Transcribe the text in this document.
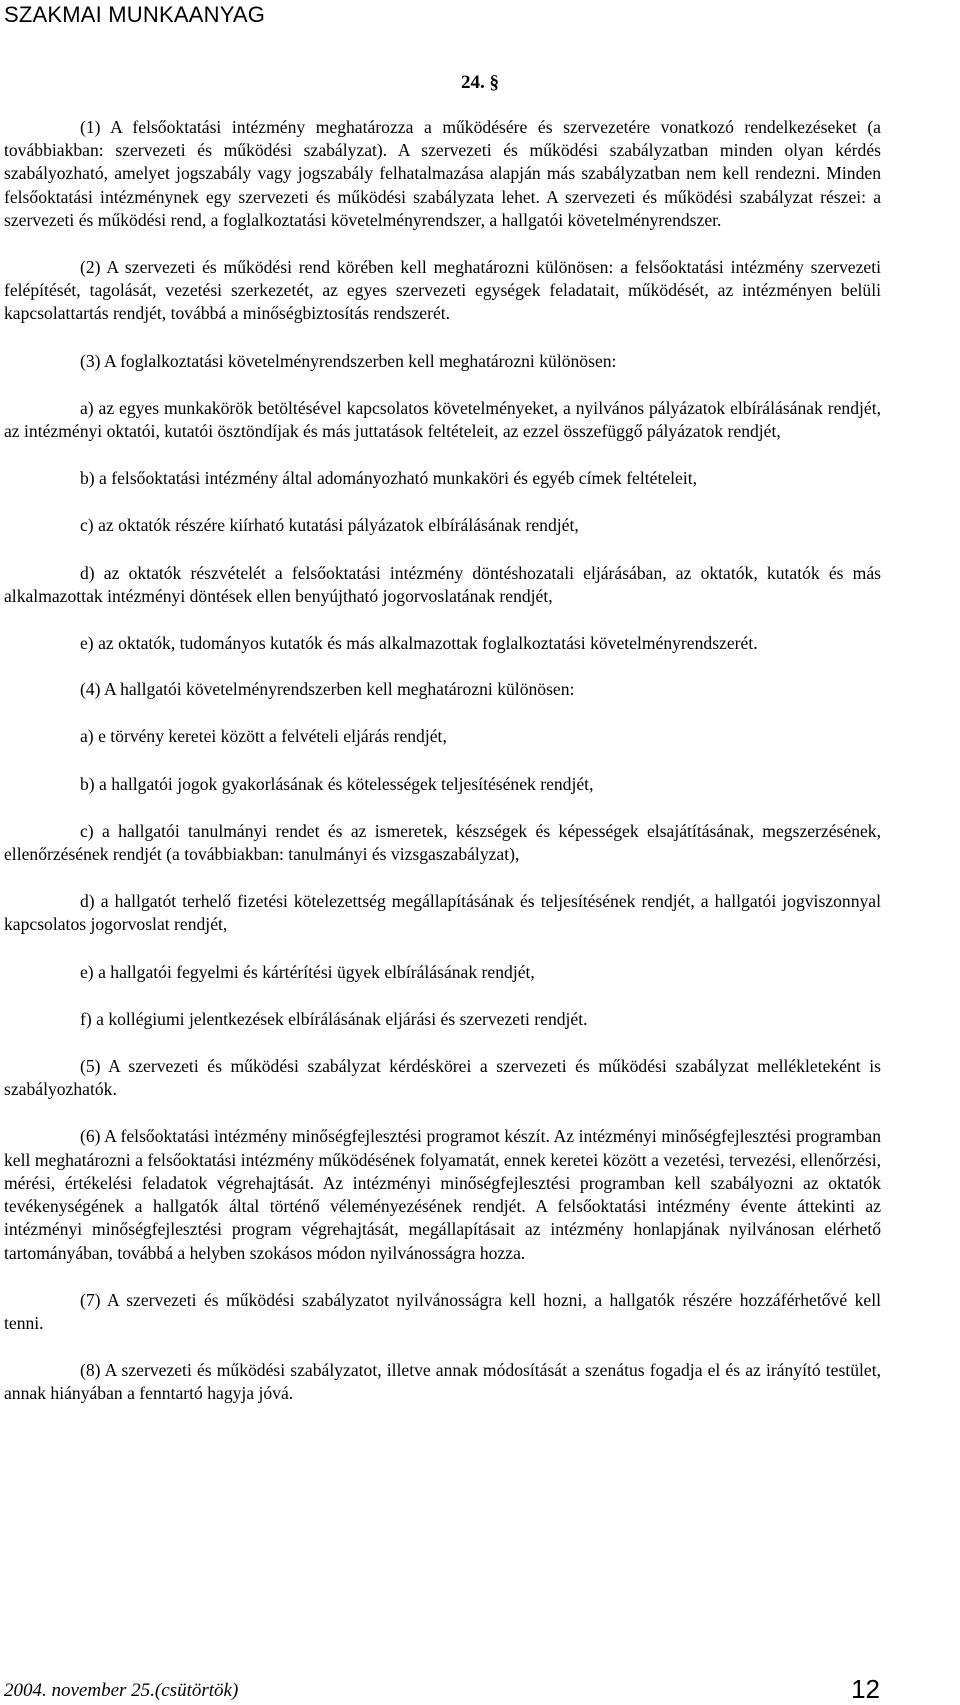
SZAKMAI MUNKAANYAG
24. §

(1) A felsőoktatási intézmény meghatározza a működésére és szervezetére vonatkozó rendelkezéseket (a továbbiakban: szervezeti és működési szabályzat). A szervezeti és működési szabályzatban minden olyan kérdés szabályozható, amelyet jogszabály vagy jogszabály felhatalmazása alapján más szabályzatban nem kell rendezni. Minden felsőoktatási intézménynek egy szervezeti és működési szabályzata lehet. A szervezeti és működési szabályzat részei: a szervezeti és működési rend, a foglalkoztatási követelményrendszer, a hallgatói követelményrendszer.

(2) A szervezeti és működési rend körében kell meghatározni különösen: a felsőoktatási intézmény szervezeti felépítését, tagolását, vezetési szerkezetét, az egyes szervezeti egységek feladatait, működését, az intézményen belüli kapcsolattartás rendjét, továbbá a minőségbiztosítás rendszerét.

(3) A foglalkoztatási követelményrendszerben kell meghatározni különösen:

a) az egyes munkakörök betöltésével kapcsolatos követelményeket, a nyilvános pályázatok elbírálásának rendjét, az intézményi oktatói, kutatói ösztöndíjak és más juttatások feltételeit, az ezzel összefüggő pályázatok rendjét,

b) a felsőoktatási intézmény által adományozható munkaköri és egyéb címek feltételeit,

c) az oktatók részére kiírható kutatási pályázatok elbírálásának rendjét,

d) az oktatók részvételét a felsőoktatási intézmény döntéshozatali eljárásában, az oktatók, kutatók és más alkalmazottak intézményi döntések ellen benyújtható jogorvoslatának rendjét,

e) az oktatók, tudományos kutatók és más alkalmazottak foglalkoztatási követelményrendszerét.

(4) A hallgatói követelményrendszerben kell meghatározni különösen:

a) e törvény keretei között a felvételi eljárás rendjét,

b) a hallgatói jogok gyakorlásának és kötelességek teljesítésének rendjét,

c) a hallgatói tanulmányi rendet és az ismeretek, készségek és képességek elsajátításának, megszerzésének, ellenőrzésének rendjét (a továbbiakban: tanulmányi és vizsgaszabályzat),

d) a hallgatót terhelő fizetési kötelezettség megállapításának és teljesítésének rendjét, a hallgatói jogviszonnyal kapcsolatos jogorvoslat rendjét,

e) a hallgatói fegyelmi és kártérítési ügyek elbírálásának rendjét,

f) a kollégiumi jelentkezések elbírálásának eljárási és szervezeti rendjét.

(5) A szervezeti és működési szabályzat kérdéskörei a szervezeti és működési szabályzat mellékleteként is szabályozhatók.

(6) A felsőoktatási intézmény minőségfejlesztési programot készít. Az intézményi minőségfejlesztési programban kell meghatározni a felsőoktatási intézmény működésének folyamatát, ennek keretei között a vezetési, tervezési, ellenőrzési, mérési, értékelési feladatok végrehajtását. Az intézményi minőségfejlesztési programban kell szabályozni az oktatók tevékenységének a hallgatók által történő véleményezésének rendjét. A felsőoktatási intézmény évente áttekinti az intézményi minőségfejlesztési program végrehajtását, megállapításait az intézmény honlapjának nyilvánosan elérhető tartományában, továbbá a helyben szokásos módon nyilvánosságra hozza.

(7) A szervezeti és működési szabályzatot nyilvánosságra kell hozni, a hallgatók részére hozzáférhetővé kell tenni.

(8) A szervezeti és működési szabályzatot, illetve annak módosítását a szenátus fogadja el és az irányító testület, annak hiányában a fenntartó hagyja jóvá.

2004. november 25.(csütörtök)	12
